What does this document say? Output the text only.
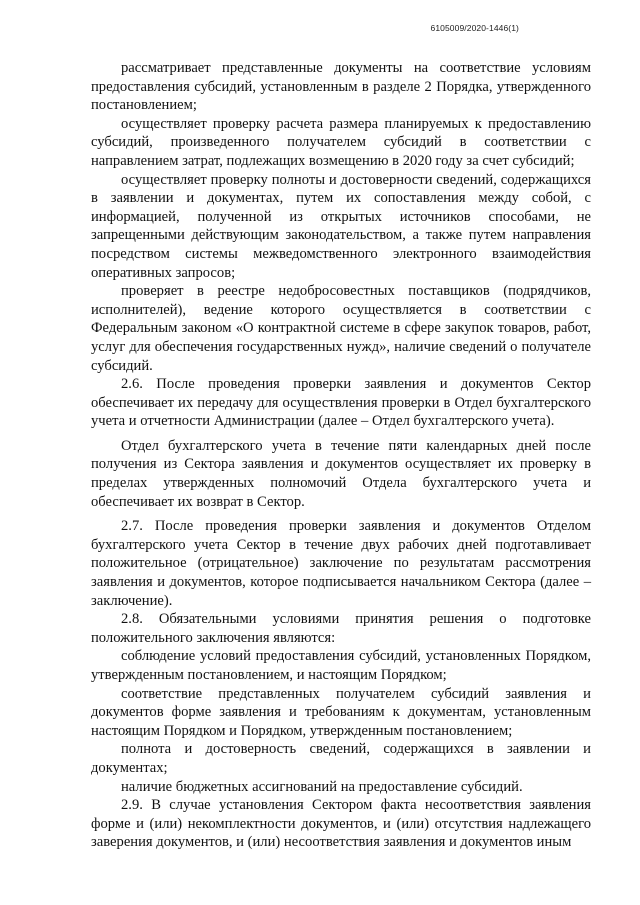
6105009/2020-1446(1)

рассматривает представленные документы на соответствие условиям предоставления субсидий, установленным в разделе 2 Порядка, утвержденного постановлением;

осуществляет проверку расчета размера планируемых к предоставлению субсидий, произведенного получателем субсидий в соответствии с направлением затрат, подлежащих возмещению в 2020 году за счет субсидий;

осуществляет проверку полноты и достоверности сведений, содержащихся в заявлении и документах, путем их сопоставления между собой, с информацией, полученной из открытых источников способами, не запрещенными действующим законодательством, а также путем направления посредством системы межведомственного электронного взаимодействия оперативных запросов;

проверяет в реестре недобросовестных поставщиков (подрядчиков, исполнителей), ведение которого осуществляется в соответствии с Федеральным законом «О контрактной системе в сфере закупок товаров, работ, услуг для обеспечения государственных нужд», наличие сведений о получателе субсидий.

2.6. После проведения проверки заявления и документов Сектор обеспечивает их передачу для осуществления проверки в Отдел бухгалтерского учета и отчетности Администрации (далее – Отдел бухгалтерского учета).

Отдел бухгалтерского учета в течение пяти календарных дней после получения из Сектора заявления и документов осуществляет их проверку в пределах утвержденных полномочий Отдела бухгалтерского учета и обеспечивает их возврат в Сектор.

2.7. После проведения проверки заявления и документов Отделом бухгалтерского учета Сектор в течение двух рабочих дней подготавливает положительное (отрицательное) заключение по результатам рассмотрения заявления и документов, которое подписывается начальником Сектора (далее – заключение).

2.8. Обязательными условиями принятия решения о подготовке положительного заключения являются:

соблюдение условий предоставления субсидий, установленных Порядком, утвержденным постановлением, и настоящим Порядком;

соответствие представленных получателем субсидий заявления и документов форме заявления и требованиям к документам, установленным настоящим Порядком и Порядком, утвержденным постановлением;

полнота и достоверность сведений, содержащихся в заявлении и документах;

наличие бюджетных ассигнований на предоставление субсидий.

2.9. В случае установления Сектором факта несоответствия заявления форме и (или) некомплектности документов, и (или) отсутствия надлежащего заверения документов, и (или) несоответствия заявления и документов иным
